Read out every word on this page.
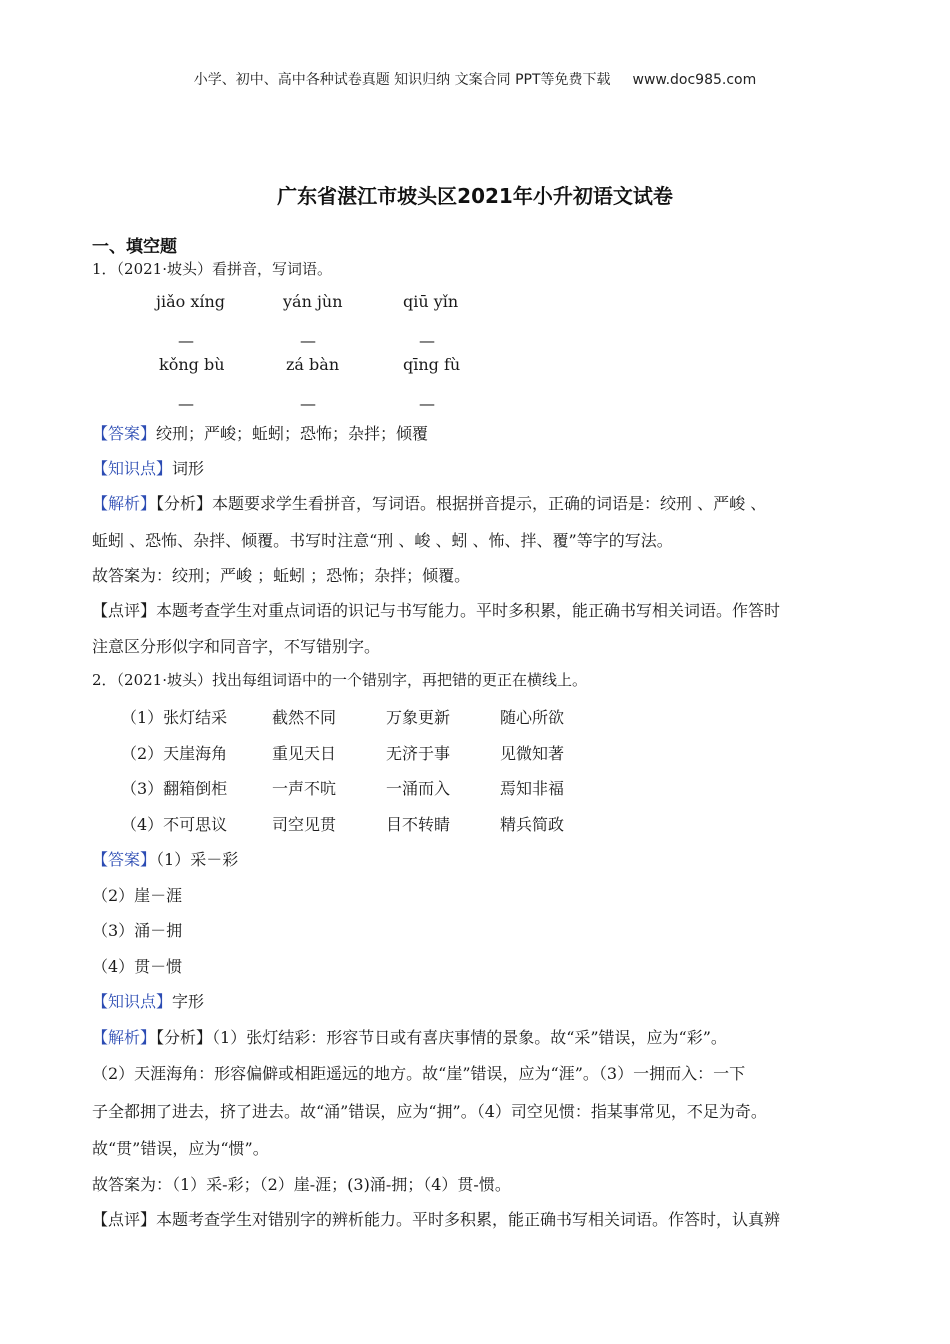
小学、初中、高中各种试卷真题 知识归纳 文案合同 PPT等免费下载 www.doc985.com
广东省湛江市坡头区2021年小升初语文试卷
一、填空题
1．（2021·坡头）看拼音，写词语。
jiǎo xíng	yán jùn	qiū yǐn
—	—	—
kǒng bù	zá bàn	qīng fù
—	—	—
【答案】绞刑；严峻；蚯蚓；恐怖；杂拌；倾覆
【知识点】词形
【解析】【分析】本题要求学生看拼音，写词语。根据拼音提示，正确的词语是：绞刑 、严峻 、
蚯蚓 、恐怖、杂拌、倾覆。书写时注意“刑 、峻 、蚓 、怖、拌、覆”等字的写法。
故答案为：绞刑；严峻 ；蚯蚓 ；恐怖；杂拌；倾覆。
【点评】本题考查学生对重点词语的识记与书写能力。平时多积累，能正确书写相关词语。作答时
注意区分形似字和同音字，不写错别字。
2．（2021·坡头）找出每组词语中的一个错别字，再把错的更正在横线上。
（1）张灯结采	截然不同	万象更新	随心所欲
（2）天崖海角	重见天日	无济于事	见微知著
（3）翻箱倒柜	一声不吭	一涌而入	焉知非福
（4）不可思议	司空见贯	目不转睛	精兵简政
【答案】（1）采－彩
（2）崖－涯
（3）涌－拥
（4）贯－惯
【知识点】字形
【解析】【分析】（1）张灯结彩：形容节日或有喜庆事情的景象。故“采”错误，应为“彩”。
（2）天涯海角：形容偏僻或相距遥远的地方。故“崖”错误，应为“涯”。（3）一拥而入：一下
子全都拥了进去，挤了进去。故“涌”错误，应为“拥”。（4）司空见惯：指某事常见，不足为奇。
故“贯”错误，应为“惯”。
故答案为：（1）采-彩；（2）崖-涯；(3)涌-拥；（4）贯-惯。
【点评】本题考查学生对错别字的辨析能力。平时多积累，能正确书写相关词语。作答时，认真辨
